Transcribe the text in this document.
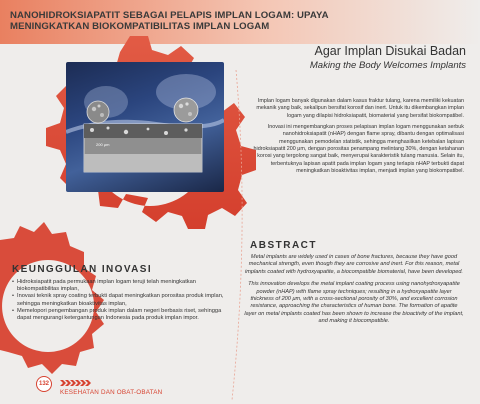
NANOHIDROKSIAPATIT SEBAGAI PELAPIS IMPLAN LOGAM: UPAYA MENINGKATKAN BIOKOMPATIBILITAS IMPLAN LOGAM
Agar Implan Disukai Badan
Making the Body Welcomes Implants
200 μm

Implan logam banyak digunakan dalam kasus fraktur tulang, karena memiliki kekuatan mekanik yang baik, sekalipun bersifat korosif dan inert. Untuk itu dikembangkan implan logam yang dilapisi hidroksiapatit, biomaterial yang bersifat biokompatibel.

Inovasi ini mengembangkan proses pelapisan implan logam menggunakan serbuk nanohidroksiapatit (nHAP) dengan flame spray, dibantu dengan optimalisasi menggunakan pemodelan statistik, sehingga menghasilkan ketebalan lapisan hidroksiapatit 200 μm, dengan porositas penampang melintang 30%, dengan ketahanan korosi yang tergolong sangat baik, menyerupai karakteristik tulang manusia. Selain itu, terbentuknya lapisan apatit pada implan logam yang terlapis nHAP terbukti dapat meningkatkan bioaktivitas implan, menjadi implan yang biokompatibel.

ABSTRACT

Metal implants are widely used in cases of bone fractures, because they have good mechanical strength, even though they are corrosive and inert. For this reason, metal implants coated with hydroxyapatite, a biocompatible biomaterial, have been developed.

This innovation develops the metal implant coating process using nanohydroxyapatite powder (nHAP) with flame spray techniques; resulting in a hydroxyapatite layer thickness of 200 μm, with a cross-sectional porosity of 30%, and excellent corrosion resistance, approaching the characteristics of human bone. The formation of apatite layer on metal implants coated has been shown to increase the bioactivity of the implant, and making it biocompatible.

KEUNGGULAN INOVASI
• Hidroksiapatit pada permukaan implan logam teruji telah meningkatkan biokompatibilitas implan,
• Inovasi teknik spray coating terbukti dapat meningkatkan porositas produk implan, sehingga meningkatkan bioaktivitas implan,
• Memelopori pengembangan produk implan dalam negeri berbasis riset, sehingga dapat mengurangi ketergantungan Indonesia pada produk implan impor.
132
KESEHATAN DAN OBAT-OBATAN
